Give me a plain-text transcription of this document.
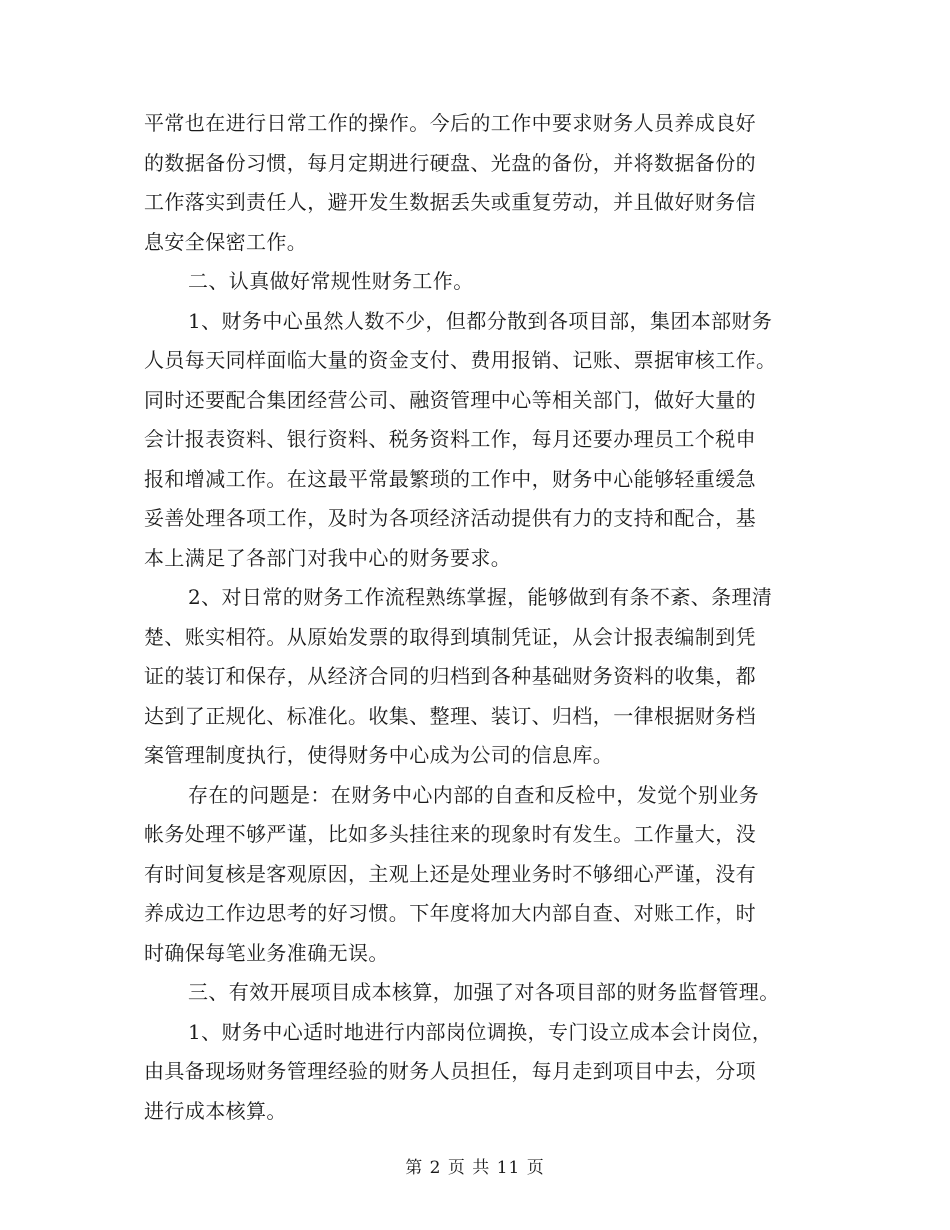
平常也在进行日常工作的操作。今后的工作中要求财务人员养成良好
的数据备份习惯，每月定期进行硬盘、光盘的备份，并将数据备份的
工作落实到责任人，避开发生数据丢失或重复劳动，并且做好财务信
息安全保密工作。
二、认真做好常规性财务工作。
1、财务中心虽然人数不少，但都分散到各项目部，集团本部财务
人员每天同样面临大量的资金支付、费用报销、记账、票据审核工作。
同时还要配合集团经营公司、融资管理中心等相关部门，做好大量的
会计报表资料、银行资料、税务资料工作，每月还要办理员工个税申
报和增减工作。在这最平常最繁琐的工作中，财务中心能够轻重缓急
妥善处理各项工作，及时为各项经济活动提供有力的支持和配合，基
本上满足了各部门对我中心的财务要求。
2、对日常的财务工作流程熟练掌握，能够做到有条不紊、条理清
楚、账实相符。从原始发票的取得到填制凭证，从会计报表编制到凭
证的装订和保存，从经济合同的归档到各种基础财务资料的收集，都
达到了正规化、标准化。收集、整理、装订、归档，一律根据财务档
案管理制度执行，使得财务中心成为公司的信息库。
存在的问题是：在财务中心内部的自查和反检中，发觉个别业务
帐务处理不够严谨，比如多头挂往来的现象时有发生。工作量大，没
有时间复核是客观原因，主观上还是处理业务时不够细心严谨，没有
养成边工作边思考的好习惯。下年度将加大内部自查、对账工作，时
时确保每笔业务准确无误。
三、有效开展项目成本核算，加强了对各项目部的财务监督管理。
1、财务中心适时地进行内部岗位调换，专门设立成本会计岗位，
由具备现场财务管理经验的财务人员担任，每月走到项目中去，分项
进行成本核算。
第 2 页 共 11 页
